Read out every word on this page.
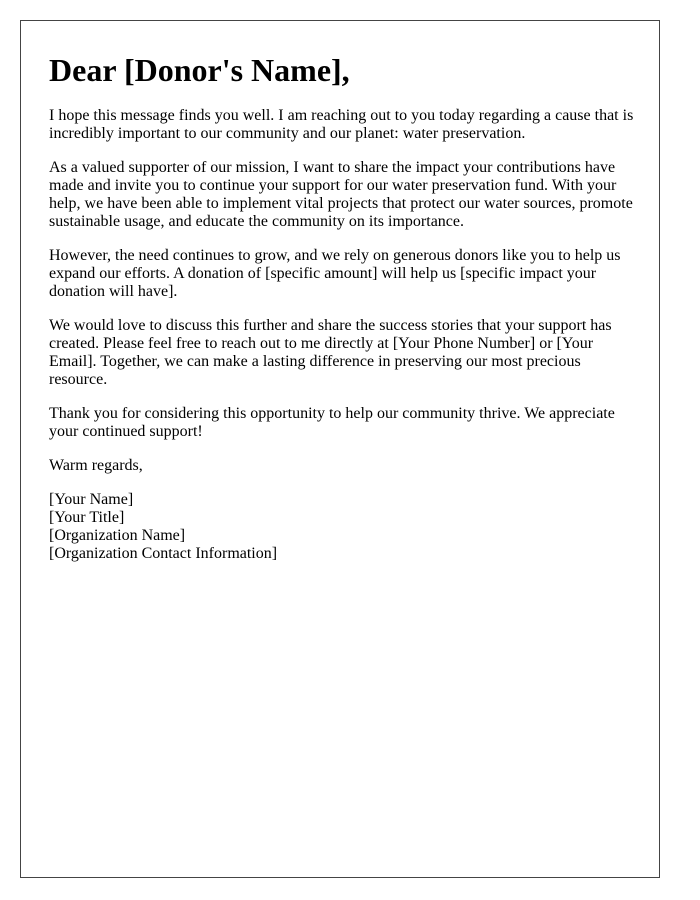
Dear [Donor's Name],

I hope this message finds you well. I am reaching out to you today regarding a cause that is incredibly important to our community and our planet: water preservation.

As a valued supporter of our mission, I want to share the impact your contributions have made and invite you to continue your support for our water preservation fund. With your help, we have been able to implement vital projects that protect our water sources, promote sustainable usage, and educate the community on its importance.

However, the need continues to grow, and we rely on generous donors like you to help us expand our efforts. A donation of [specific amount] will help us [specific impact your donation will have].

We would love to discuss this further and share the success stories that your support has created. Please feel free to reach out to me directly at [Your Phone Number] or [Your Email]. Together, we can make a lasting difference in preserving our most precious resource.

Thank you for considering this opportunity to help our community thrive. We appreciate your continued support!

Warm regards,

[Your Name]
[Your Title]
[Organization Name]
[Organization Contact Information]
